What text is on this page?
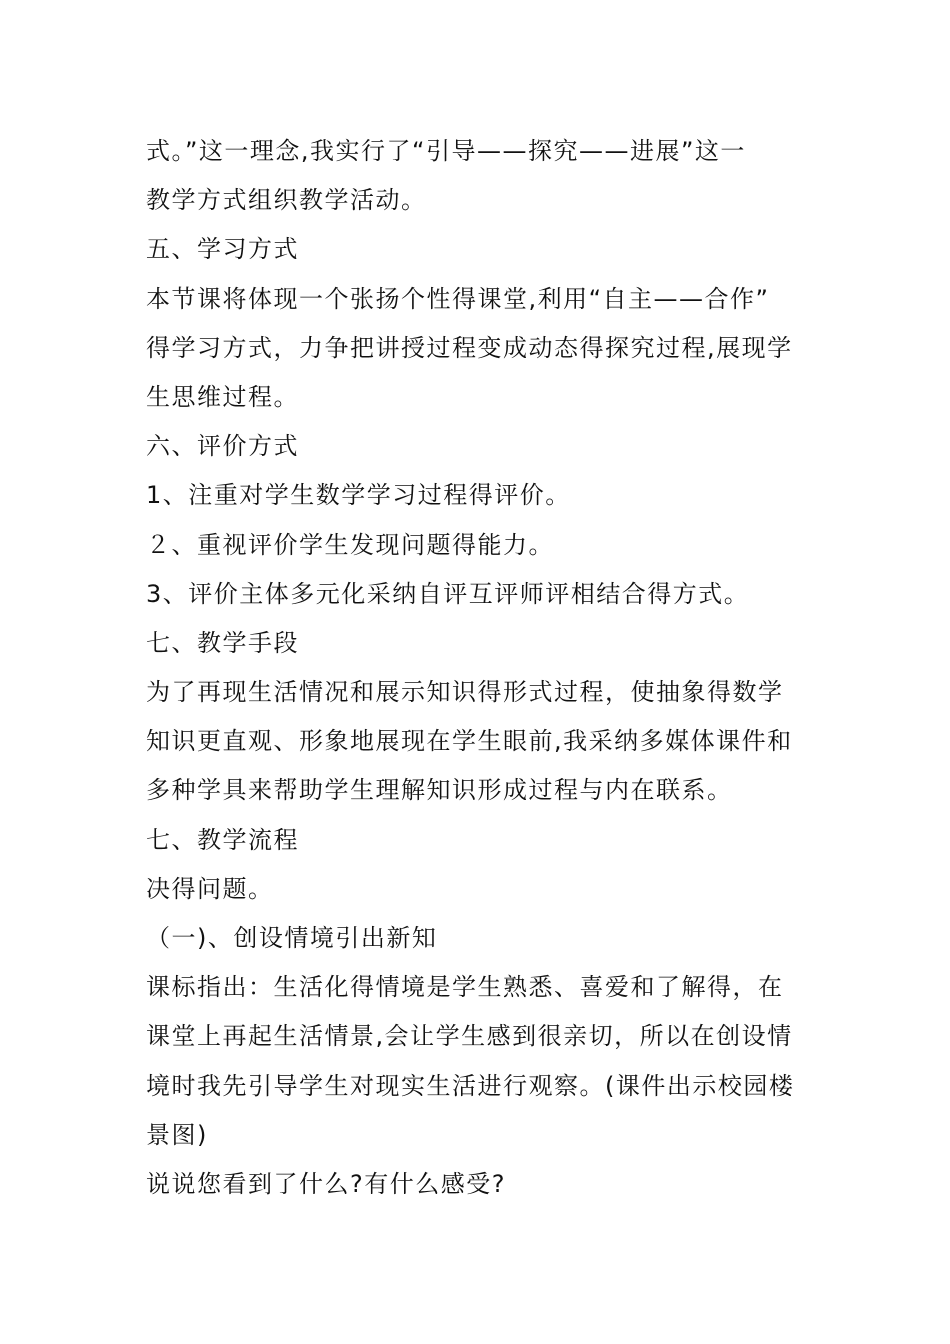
式。”这一理念,我实行了“引导——探究——进展”这一
教学方式组织教学活动。
五、学习方式
本节课将体现一个张扬个性得课堂,利用“自主——合作”
得学习方式，力争把讲授过程变成动态得探究过程,展现学
生思维过程。
六、评价方式
1、注重对学生数学学习过程得评价。
２、重视评价学生发现问题得能力。
3、评价主体多元化采纳自评互评师评相结合得方式。
七、教学手段
为了再现生活情况和展示知识得形式过程，使抽象得数学
知识更直观、形象地展现在学生眼前,我采纳多媒体课件和
多种学具来帮助学生理解知识形成过程与内在联系。
七、教学流程
决得问题。
（一)、创设情境引出新知
课标指出：生活化得情境是学生熟悉、喜爱和了解得，在
课堂上再起生活情景,会让学生感到很亲切，所以在创设情
境时我先引导学生对现实生活进行观察。(课件出示校园楼
景图)
说说您看到了什么?有什么感受?
